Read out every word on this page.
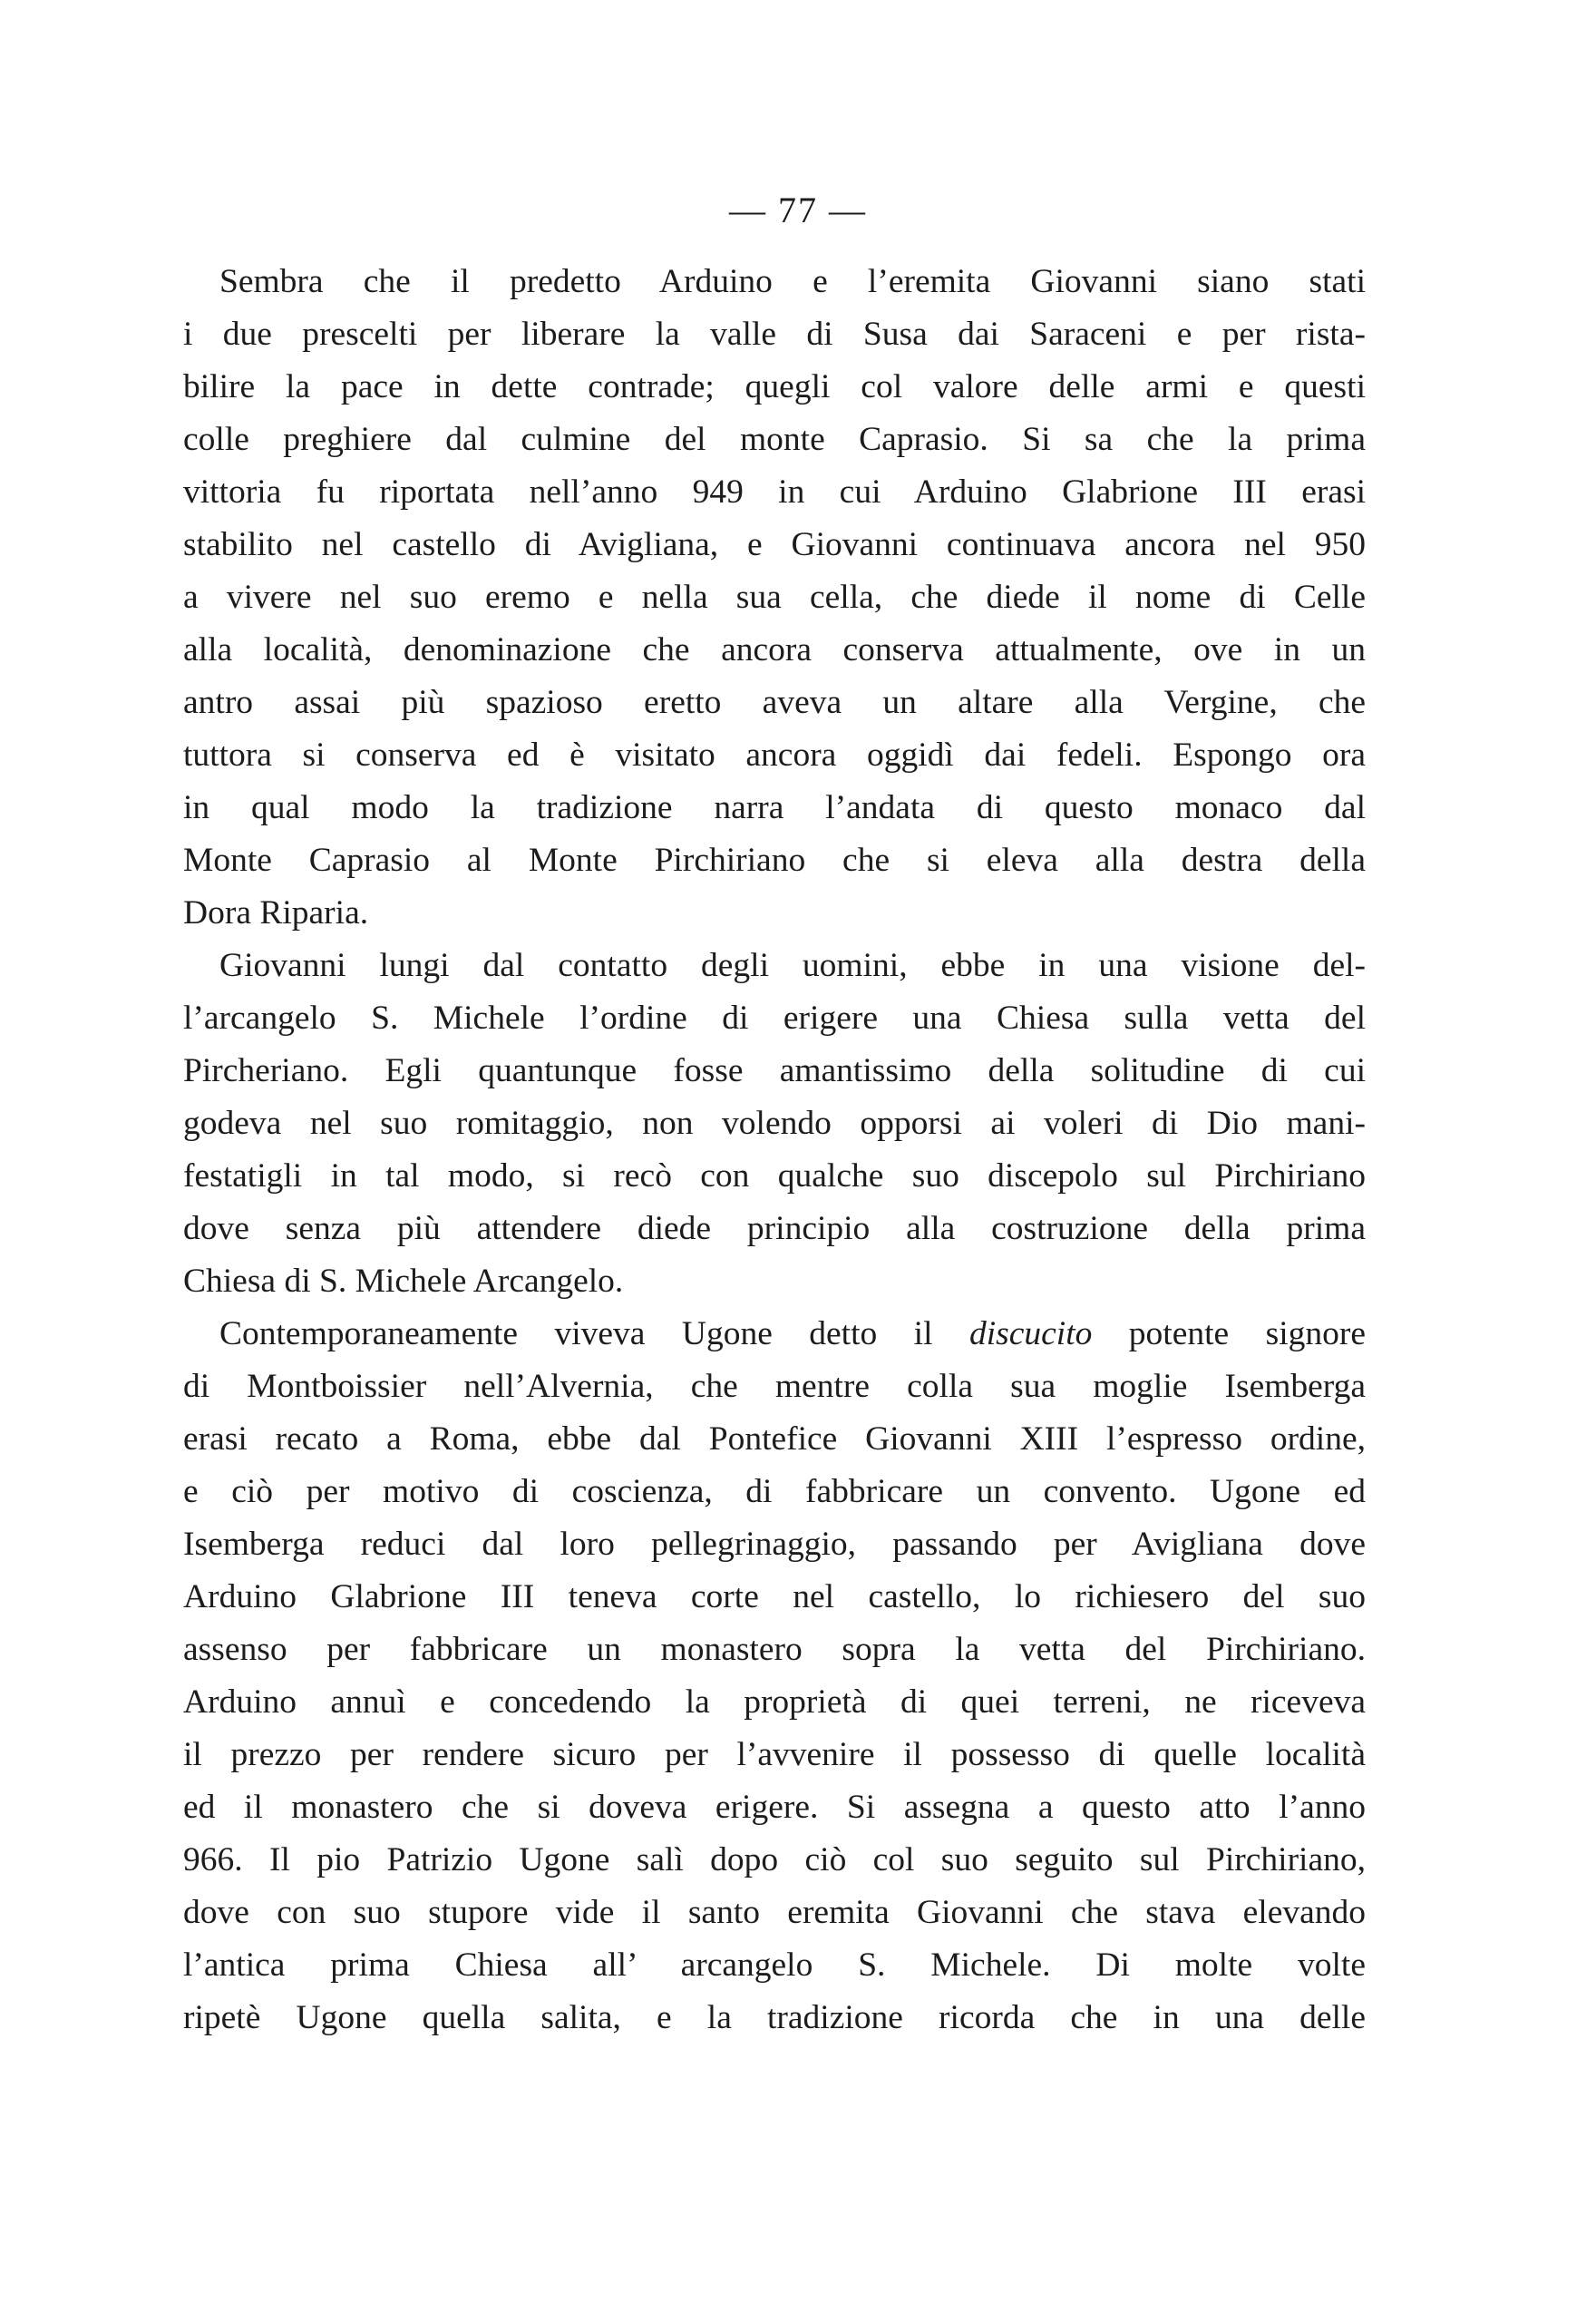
— 77 —
Sembra che il predetto Arduino e l’eremita Giovanni siano stati
i due prescelti per liberare la valle di Susa dai Saraceni e per rista-
bilire la pace in dette contrade; quegli col valore delle armi e questi
colle preghiere dal culmine del monte Caprasio. Si sa che la prima
vittoria fu riportata nell’anno 949 in cui Arduino Glabrione III erasi
stabilito nel castello di Avigliana, e Giovanni continuava ancora nel 950
a vivere nel suo eremo e nella sua cella, che diede il nome di Celle
alla località, denominazione che ancora conserva attualmente, ove in un
antro assai più spazioso eretto aveva un altare alla Vergine, che
tuttora si conserva ed è visitato ancora oggidì dai fedeli. Espongo ora
in qual modo la tradizione narra l’andata di questo monaco dal
Monte Caprasio al Monte Pirchiriano che si eleva alla destra della
Dora Riparia.
Giovanni lungi dal contatto degli uomini, ebbe in una visione del-
l’arcangelo S. Michele l’ordine di erigere una Chiesa sulla vetta del
Pircheriano. Egli quantunque fosse amantissimo della solitudine di cui
godeva nel suo romitaggio, non volendo opporsi ai voleri di Dio mani-
festatigli in tal modo, si recò con qualche suo discepolo sul Pirchiriano
dove senza più attendere diede principio alla costruzione della prima
Chiesa di S. Michele Arcangelo.
Contemporaneamente viveva Ugone detto il discucito potente signore
di Montboissier nell’Alvernia, che mentre colla sua moglie Isemberga
erasi recato a Roma, ebbe dal Pontefice Giovanni XIII l’espresso ordine,
e ciò per motivo di coscienza, di fabbricare un convento. Ugone ed
Isemberga reduci dal loro pellegrinaggio, passando per Avigliana dove
Arduino Glabrione III teneva corte nel castello, lo richiesero del suo
assenso per fabbricare un monastero sopra la vetta del Pirchiriano.
Arduino annuì e concedendo la proprietà di quei terreni, ne riceveva
il prezzo per rendere sicuro per l’avvenire il possesso di quelle località
ed il monastero che si doveva erigere. Si assegna a questo atto l’anno
966. Il pio Patrizio Ugone salì dopo ciò col suo seguito sul Pirchiriano,
dove con suo stupore vide il santo eremita Giovanni che stava elevando
l’antica prima Chiesa all’ arcangelo S. Michele. Di molte volte
ripetè Ugone quella salita, e la tradizione ricorda che in una delle
